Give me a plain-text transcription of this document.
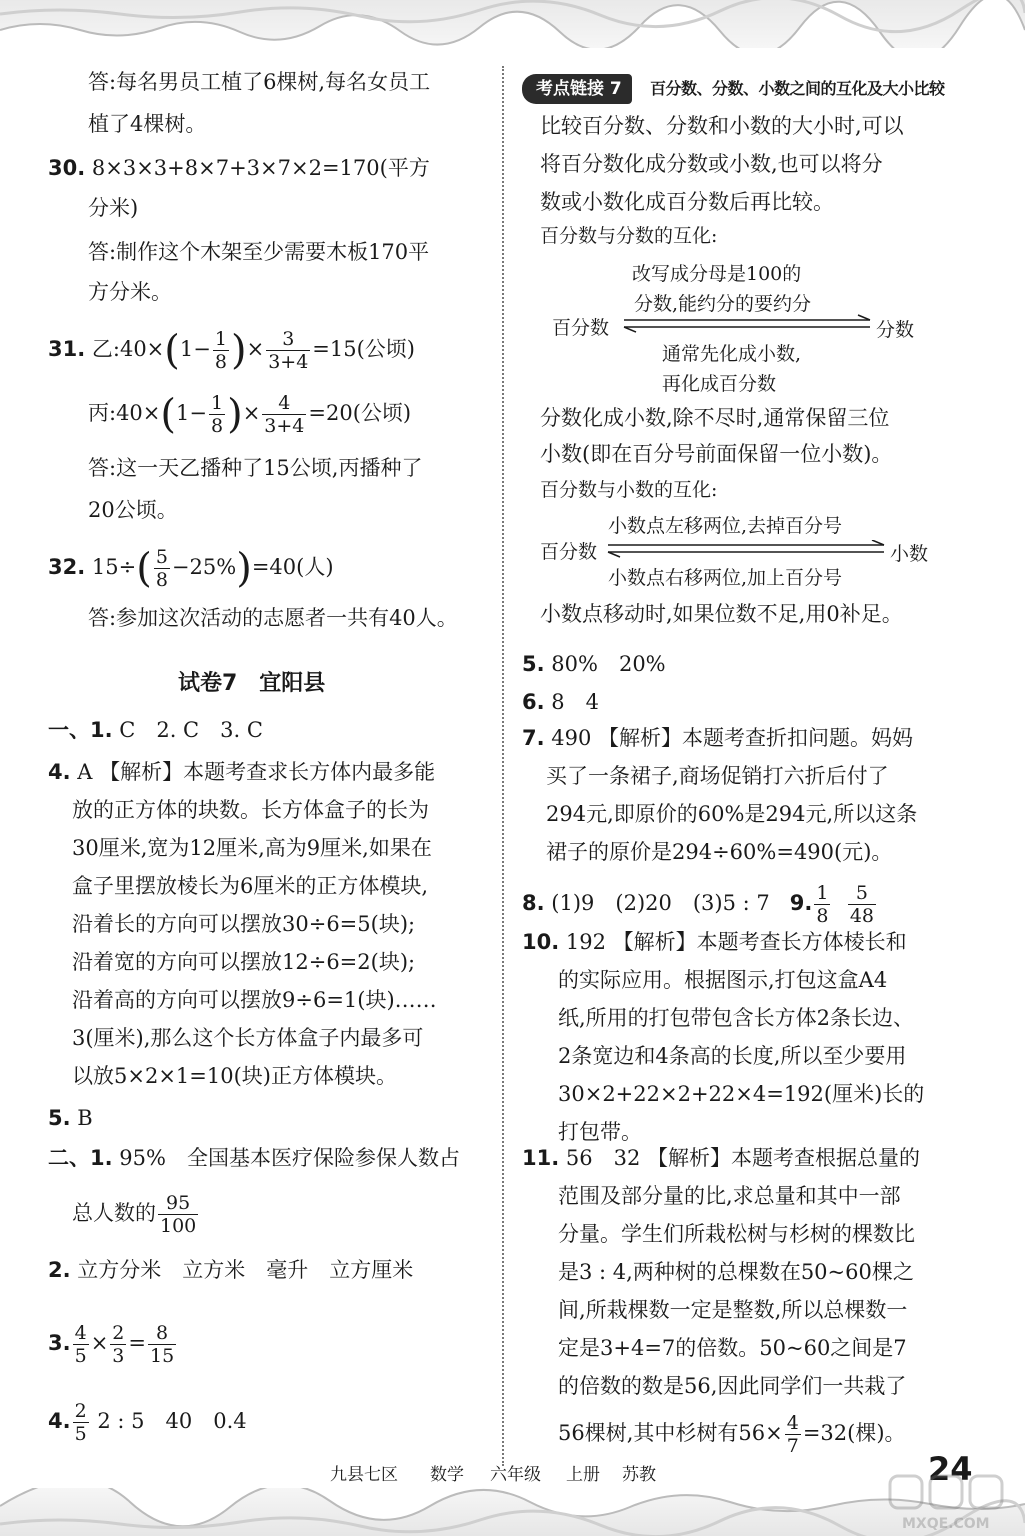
答:每名男员工植了6棵树,每名女员工
植了4棵树。
30. 8×3×3+8×7+3×7×2=170(平方
分米)
答:制作这个木架至少需要木板170平
方分米。
31. 乙:40×(1− $\frac{1}{8}$ )× $\frac{3}{3+4} =15$(公顷)
丙:40×(1− $\frac{1}{8}$ )× $\frac{4}{3+4} =20$(公顷)
答:这一天乙播种了15公顷,丙播种了
20公顷。
32. $15\div( \frac{5}{8} -25\%)=40$(人)
答:参加这次活动的志愿者一共有40人。
试卷7　宜阳县
一、1. C　2. C　3. C
4. A 【解析】本题考查求长方体内最多能
放的正方体的块数。长方体盒子的长为
30厘米,宽为12厘米,高为9厘米,如果在
盒子里摆放棱长为6厘米的正方体模块,
沿着长的方向可以摆放30÷6=5(块);
沿着宽的方向可以摆放12÷6=2(块);
沿着高的方向可以摆放9÷6=1(块)……
3(厘米),那么这个长方体盒子内最多可
以放5×2×1=10(块)正方体模块。
5. B
二、1. 95%　全国基本医疗保险参保人数占
总人数的 $\frac{95}{100}$
2. 立方分米　立方米　毫升　立方厘米
3. $\frac{4}{5} \times \frac{2}{3} = \frac{8}{15}$
4. $\frac{2}{5} 2$ : 5　40　0.4
考点链接 7	百分数、分数、小数之间的互化及大小比较
比较百分数、分数和小数的大小时,可以
将百分数化成分数或小数,也可以将分
数或小数化成百分数后再比较。
百分数与分数的互化:
改写成分母是100的
分数,能约分的要约分
百分数	分数
通常先化成小数,
再化成百分数
分数化成小数,除不尽时,通常保留三位
小数(即在百分号前面保留一位小数)。
百分数与小数的互化:
小数点左移两位,去掉百分号
百分数	小数
小数点右移两位,加上百分号
小数点移动时,如果位数不足,用0补足。
5. 80%　20%
6. 8　4
7. 490 【解析】本题考查折扣问题。妈妈
买了一条裙子,商场促销打六折后付了
294元,即原价的60%是294元,所以这条
裙子的原价是294÷60%=490(元)。
8. (1)9　(2)20　(3)5 : 7 9. $\frac{1}{8}$
$\frac{5}{48}$
10. 192 【解析】本题考查长方体棱长和
的实际应用。根据图示,打包这盒A4
纸,所用的打包带包含长方体2条长边、
2条宽边和4条高的长度,所以至少要用
30×2+22×2+22×4=192(厘米)长的
打包带。
11. 56　32 【解析】本题考查根据总量的
范围及部分量的比,求总量和其中一部
分量。学生们所栽松树与杉树的棵数比
是3 : 4,两种树的总棵数在50~60棵之
间,所栽棵数一定是整数,所以总棵数一
定是3+4=7的倍数。50~60之间是7
的倍数的数是56,因此同学们一共栽了
56棵树,其中杉树有$56\times \frac{4}{7} =32$(棵)。
九县七区 数学 六年级 上册 苏教	24
MXQE.COM
